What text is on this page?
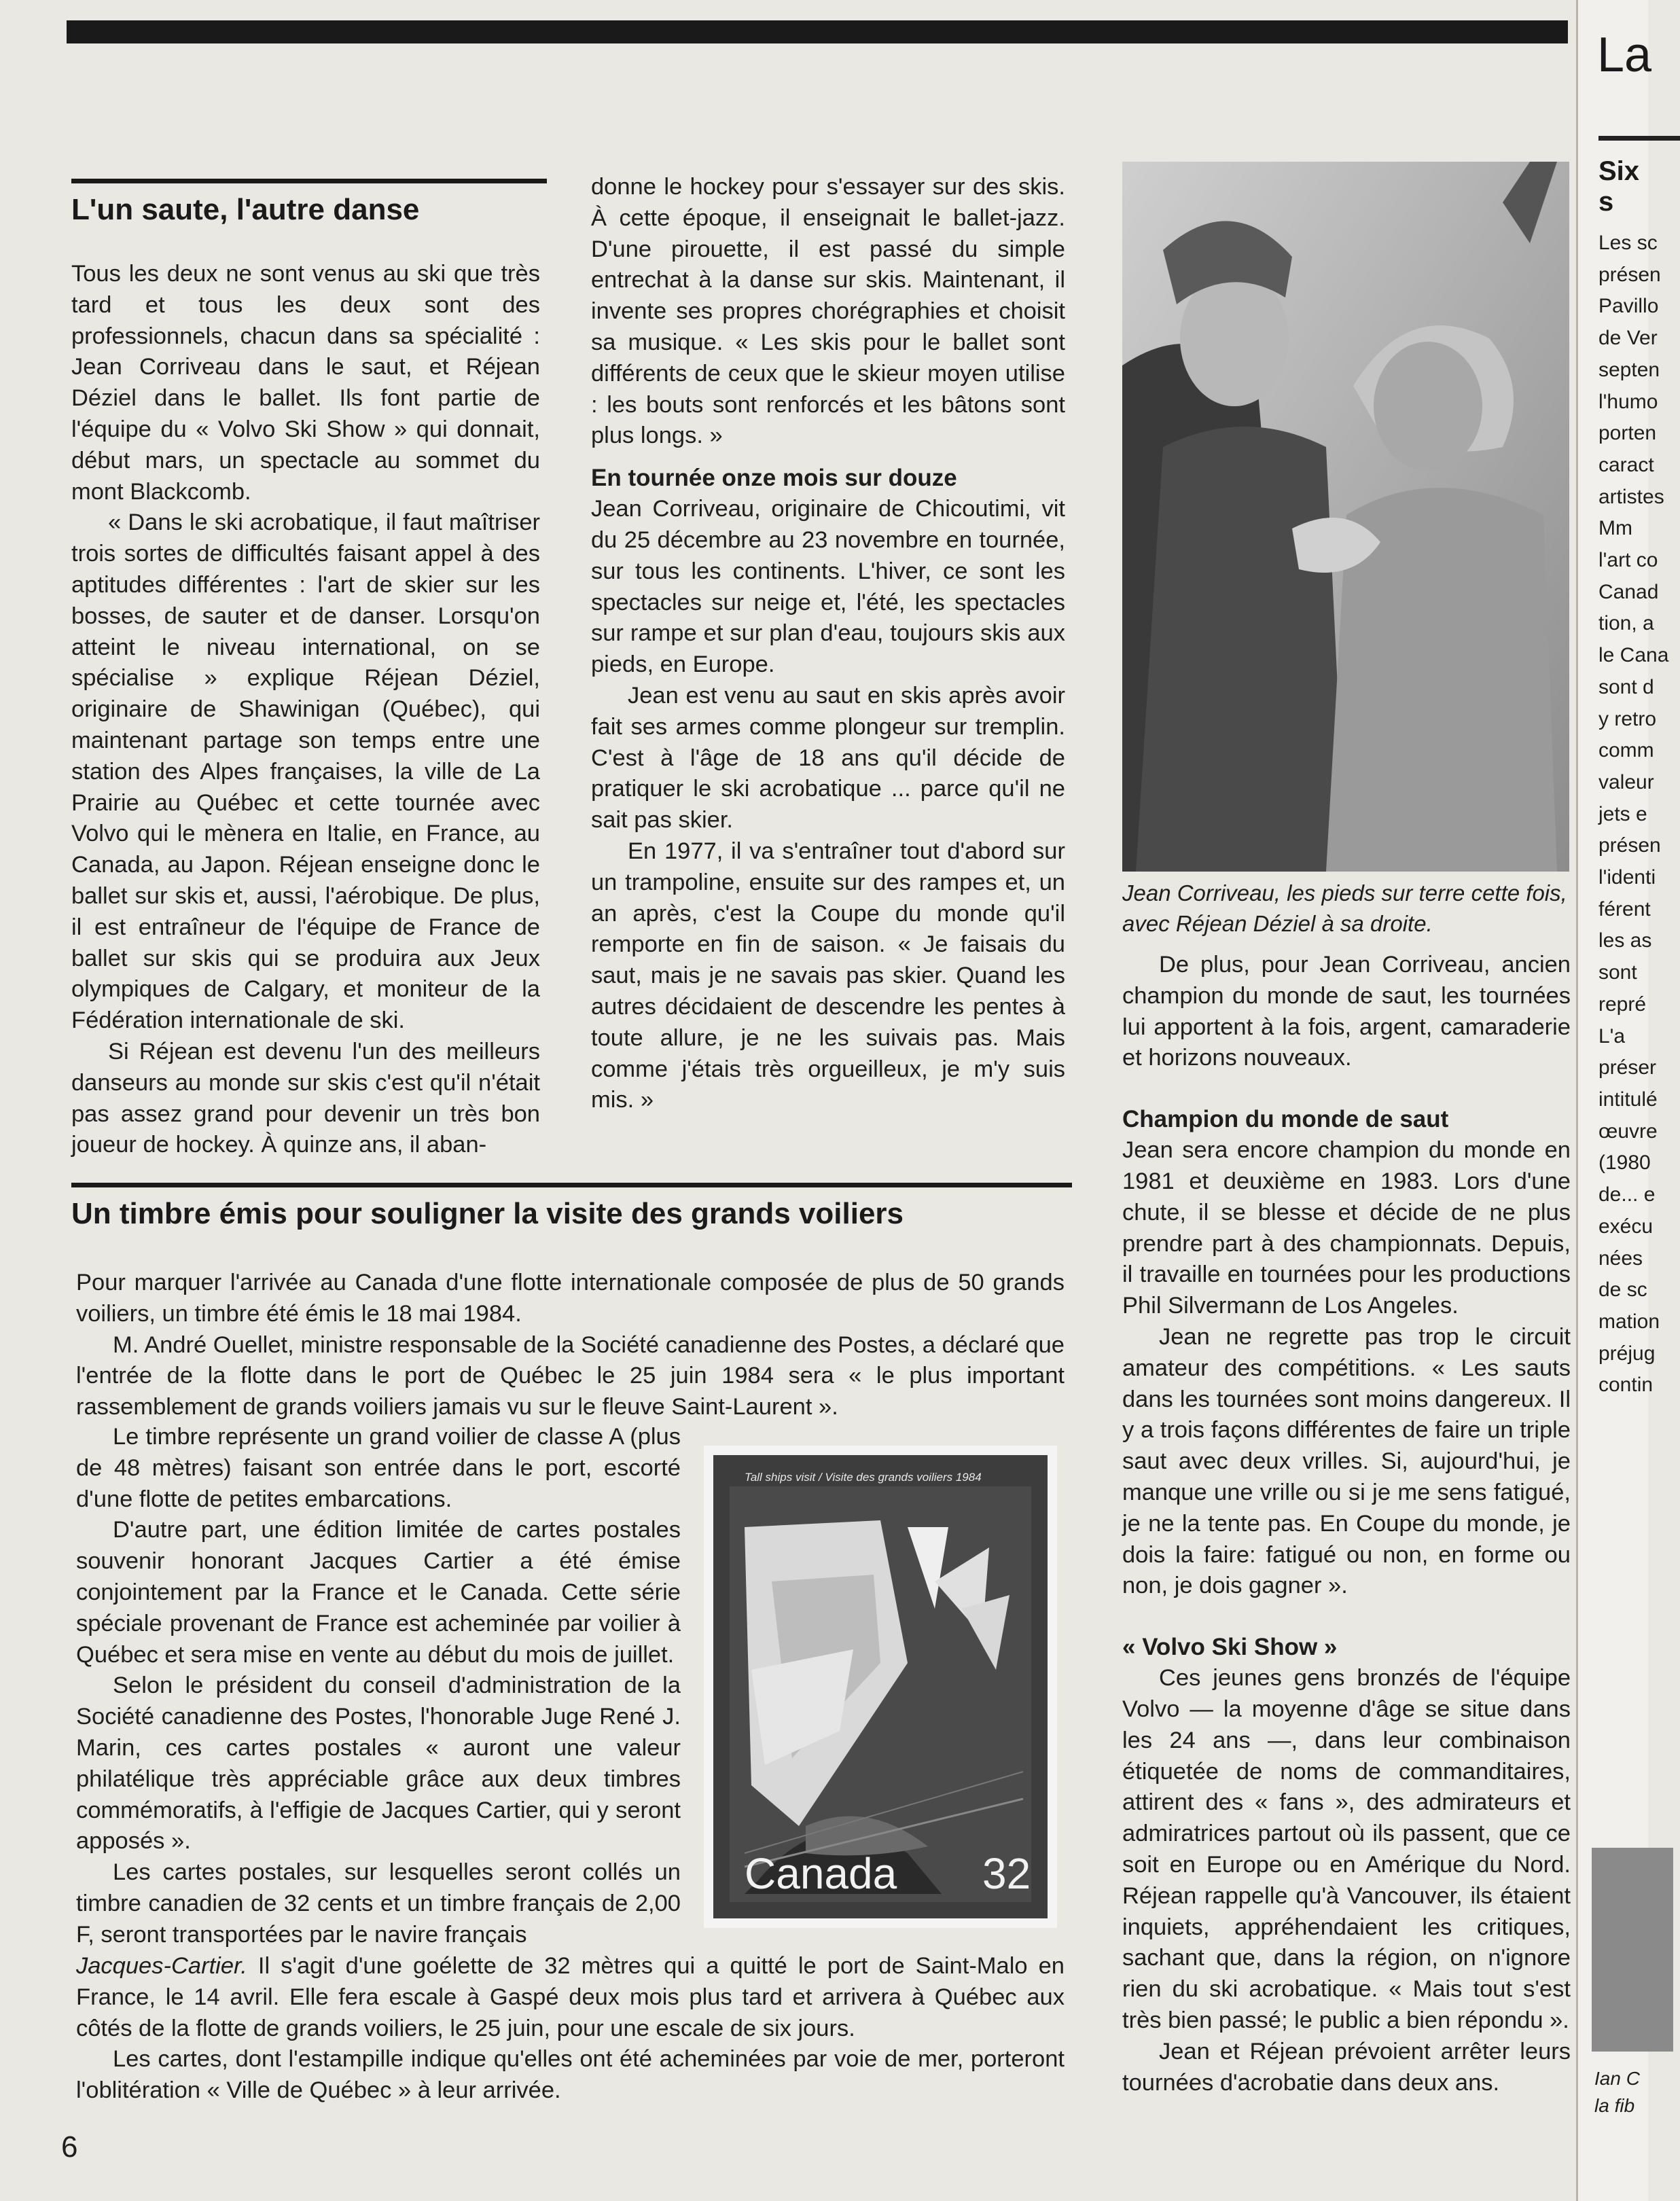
La
Six s
Les sc
présen
Pavillo
de Ver
septen
l'humo
porten
caract
artistes
Mm
l'art co
Canad
tion, a
le Cana
sont d
y retro
comm
valeur
jets e
présen
l'identi
férent
les as
sont
repré
L'a
préser
intitulé
œuvre
(1980
de... e
exécu
nées
de sc
mation
préjug
contin
Ian C
la fib
L'un saute, l'autre danse

Tous les deux ne sont venus au ski que très tard et tous les deux sont des professionnels, chacun dans sa spécialité : Jean Corriveau dans le saut, et Réjean Déziel dans le ballet. Ils font partie de l'équipe du « Volvo Ski Show » qui donnait, début mars, un spectacle au sommet du mont Blackcomb.

« Dans le ski acrobatique, il faut maîtriser trois sortes de difficultés faisant appel à des aptitudes différentes : l'art de skier sur les bosses, de sauter et de danser. Lorsqu'on atteint le niveau international, on se spécialise » explique Réjean Déziel, originaire de Shawinigan (Québec), qui maintenant partage son temps entre une station des Alpes françaises, la ville de La Prairie au Québec et cette tournée avec Volvo qui le mènera en Italie, en France, au Canada, au Japon. Réjean enseigne donc le ballet sur skis et, aussi, l'aérobique. De plus, il est entraîneur de l'équipe de France de ballet sur skis qui se produira aux Jeux olympiques de Calgary, et moniteur de la Fédération internationale de ski.

Si Réjean est devenu l'un des meilleurs danseurs au monde sur skis c'est qu'il n'était pas assez grand pour devenir un très bon joueur de hockey. À quinze ans, il aban-

donne le hockey pour s'essayer sur des skis. À cette époque, il enseignait le ballet-jazz. D'une pirouette, il est passé du simple entrechat à la danse sur skis. Maintenant, il invente ses propres chorégraphies et choisit sa musique. « Les skis pour le ballet sont différents de ceux que le skieur moyen utilise : les bouts sont renforcés et les bâtons sont plus longs. »

En tournée onze mois sur douze

Jean Corriveau, originaire de Chicoutimi, vit du 25 décembre au 23 novembre en tournée, sur tous les continents. L'hiver, ce sont les spectacles sur neige et, l'été, les spectacles sur rampe et sur plan d'eau, toujours skis aux pieds, en Europe.

Jean est venu au saut en skis après avoir fait ses armes comme plongeur sur tremplin. C'est à l'âge de 18 ans qu'il décide de pratiquer le ski acrobatique ... parce qu'il ne sait pas skier.

En 1977, il va s'entraîner tout d'abord sur un trampoline, ensuite sur des rampes et, un an après, c'est la Coupe du monde qu'il remporte en fin de saison. « Je faisais du saut, mais je ne savais pas skier. Quand les autres décidaient de descendre les pentes à toute allure, je ne les suivais pas. Mais comme j'étais très orgueilleux, je m'y suis mis. »

Jean Corriveau, les pieds sur terre cette fois, avec Réjean Déziel à sa droite.

De plus, pour Jean Corriveau, ancien champion du monde de saut, les tournées lui apportent à la fois, argent, camaraderie et horizons nouveaux.

Champion du monde de saut

Jean sera encore champion du monde en 1981 et deuxième en 1983. Lors d'une chute, il se blesse et décide de ne plus prendre part à des championnats. Depuis, il travaille en tournées pour les productions Phil Silvermann de Los Angeles.

Jean ne regrette pas trop le circuit amateur des compétitions. « Les sauts dans les tournées sont moins dangereux. Il y a trois façons différentes de faire un triple saut avec deux vrilles. Si, aujourd'hui, je manque une vrille ou si je me sens fatigué, je ne la tente pas. En Coupe du monde, je dois la faire: fatigué ou non, en forme ou non, je dois gagner ».

« Volvo Ski Show »

Ces jeunes gens bronzés de l'équipe Volvo — la moyenne d'âge se situe dans les 24 ans —, dans leur combinaison étiquetée de noms de commanditaires, attirent des « fans », des admirateurs et admiratrices partout où ils passent, que ce soit en Europe ou en Amérique du Nord. Réjean rappelle qu'à Vancouver, ils étaient inquiets, appréhendaient les critiques, sachant que, dans la région, on n'ignore rien du ski acrobatique. « Mais tout s'est très bien passé; le public a bien répondu ».

Jean et Réjean prévoient arrêter leurs tournées d'acrobatie dans deux ans.

Un timbre émis pour souligner la visite des grands voiliers

Pour marquer l'arrivée au Canada d'une flotte internationale composée de plus de 50 grands voiliers, un timbre été émis le 18 mai 1984.

M. André Ouellet, ministre responsable de la Société canadienne des Postes, a déclaré que l'entrée de la flotte dans le port de Québec le 25 juin 1984 sera « le plus important rassemblement de grands voiliers jamais vu sur le fleuve Saint-Laurent ».

Le timbre représente un grand voilier de classe A (plus de 48 mètres) faisant son entrée dans le port, escorté d'une flotte de petites embarcations.

D'autre part, une édition limitée de cartes postales souvenir honorant Jacques Cartier a été émise conjointement par la France et le Canada. Cette série spéciale provenant de France est acheminée par voilier à Québec et sera mise en vente au début du mois de juillet.

Selon le président du conseil d'administration de la Société canadienne des Postes, l'honorable Juge René J. Marin, ces cartes postales « auront une valeur philatélique très appréciable grâce aux deux timbres commémoratifs, à l'effigie de Jacques Cartier, qui y seront apposés ».

Les cartes postales, sur lesquelles seront collés un timbre canadien de 32 cents et un timbre français de 2,00 F, seront transportées par le navire français

Jacques-Cartier. Il s'agit d'une goélette de 32 mètres qui a quitté le port de Saint-Malo en France, le 14 avril. Elle fera escale à Gaspé deux mois plus tard et arrivera à Québec aux côtés de la flotte de grands voiliers, le 25 juin, pour une escale de six jours.

Les cartes, dont l'estampille indique qu'elles ont été acheminées par voie de mer, porteront l'oblitération « Ville de Québec » à leur arrivée.

Tall ships visit / Visite des grands voiliers 1984
Canada 32
6
